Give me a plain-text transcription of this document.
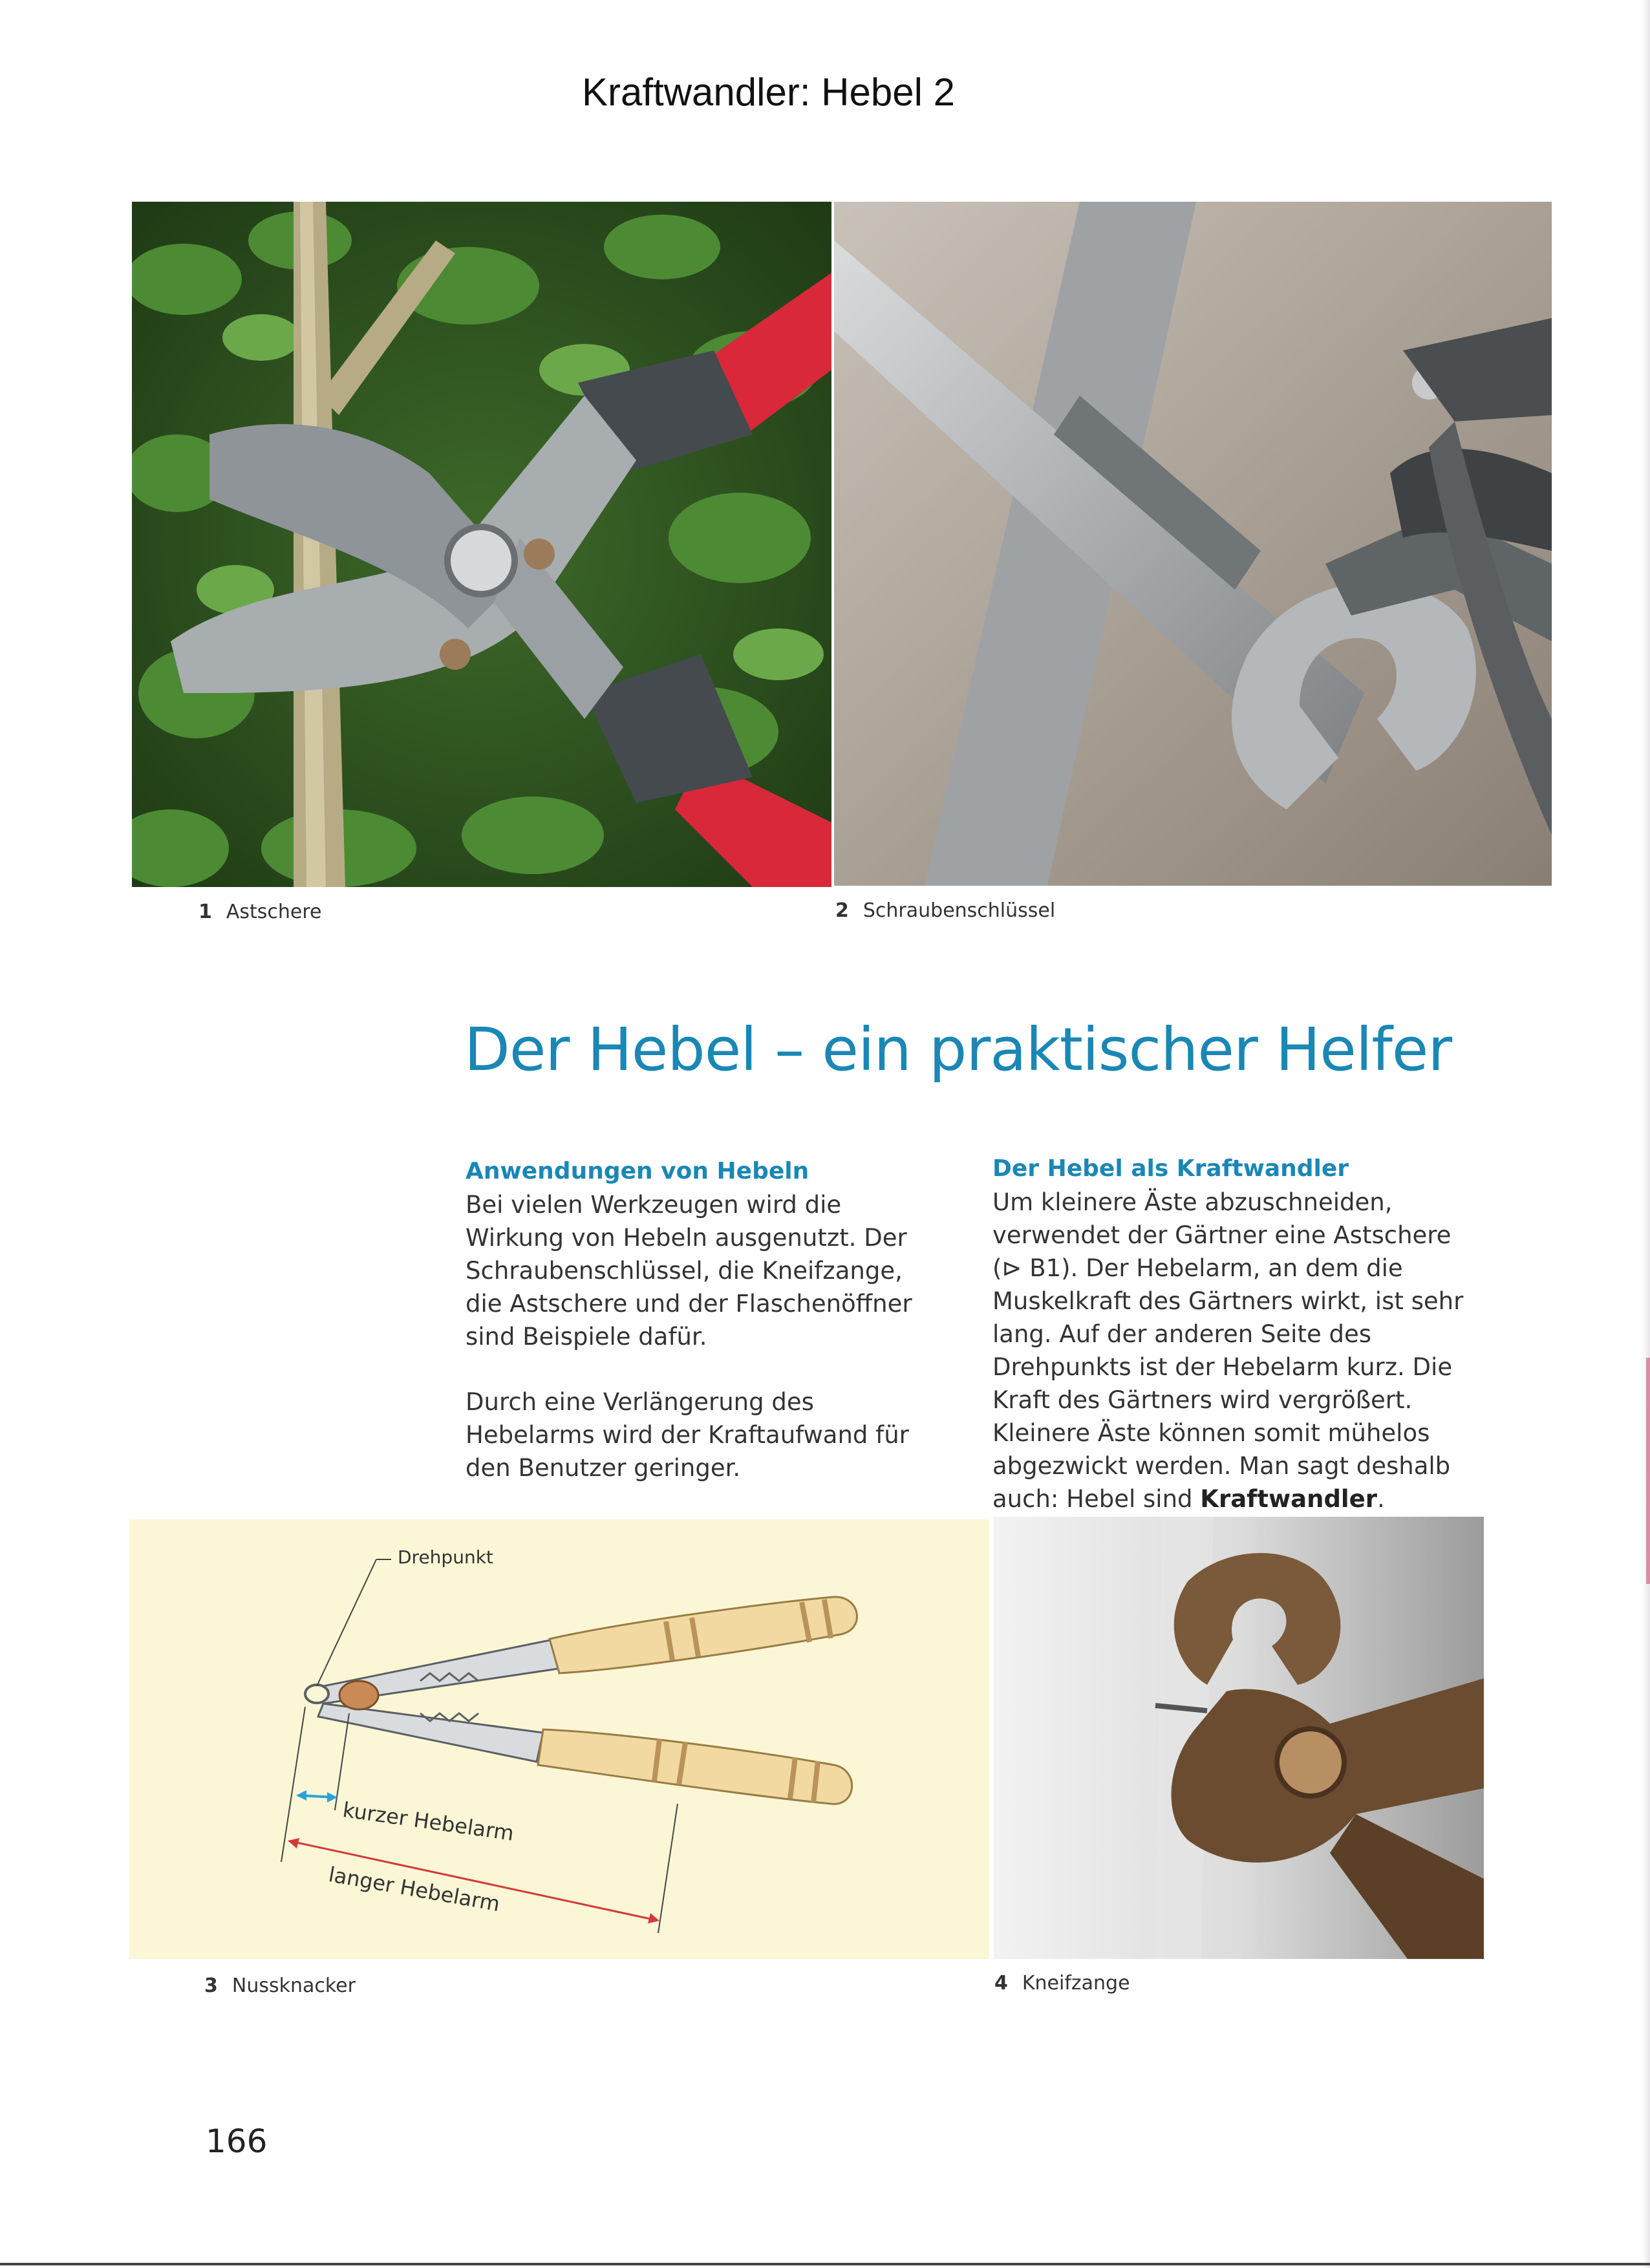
Kraftwandler: Hebel 2
1 Astschere	2 Schraubenschlüssel
Der Hebel – ein praktischer Helfer
Anwendungen von Hebeln

Bei vielen Werkzeugen wird die Wirkung von Hebeln ausgenutzt. Der Schraubenschlüssel, die Kneifzange, die Astschere und der Flaschenöffner sind Beispiele dafür.

Durch eine Verlängerung des Hebelarms wird der Kraftaufwand für den Benutzer geringer.

Der Hebel als Kraftwandler

Um kleinere Äste abzuschneiden, verwendet der Gärtner eine Astschere (⊳ B1). Der Hebelarm, an dem die Muskelkraft des Gärtners wirkt, ist sehr lang. Auf der anderen Seite des Drehpunkts ist der Hebelarm kurz. Die Kraft des Gärtners wird vergrößert. Kleinere Äste können somit mühelos abgezwickt werden. Man sagt deshalb auch: Hebel sind Kraftwandler.

Drehpunkt
kurzer Hebelarm
langer Hebelarm
3 Nussknacker	4 Kneifzange
166
